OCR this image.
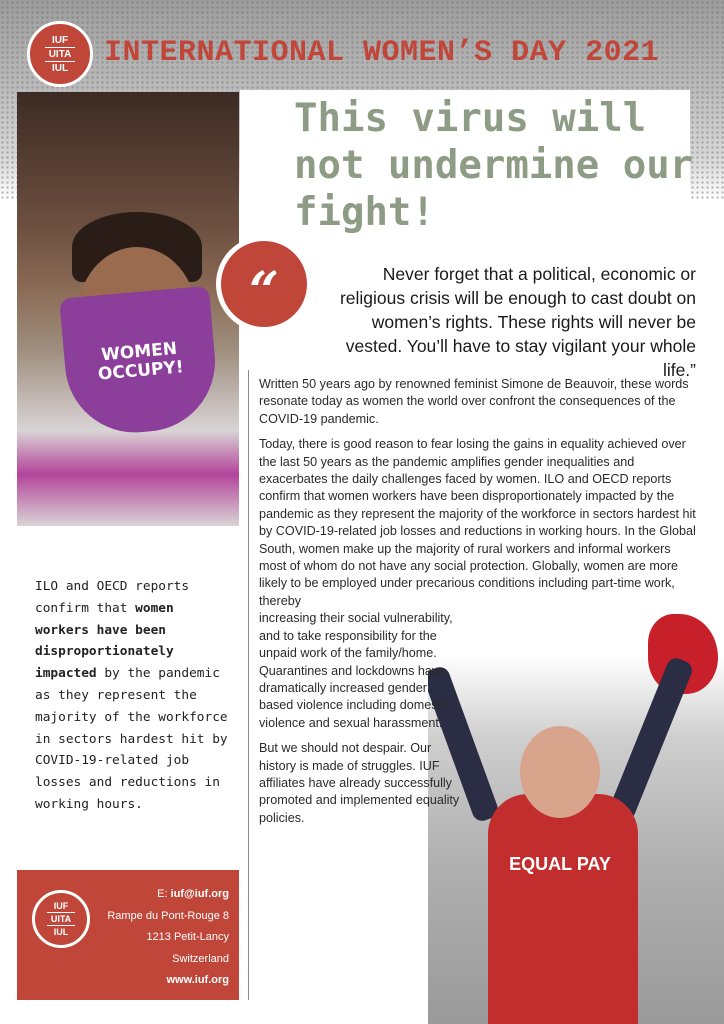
IUF
UITA
IUL INTERNATIONAL WOMEN’S DAY 2021
WOMEN OCCUPY!
This virus will not undermine our fight!
“	Never forget that a political, economic or religious crisis will be enough to cast doubt on women’s rights. These rights will never be vested. You’ll have to stay vigilant your whole life.”

Written 50 years ago by renowned feminist Simone de Beauvoir, these words resonate today as women the world over confront the consequences of the COVID-19 pandemic.

Today, there is good reason to fear losing the gains in equality achieved over the last 50 years as the pandemic amplifies gender inequalities and exacerbates the daily challenges faced by women. ILO and OECD reports confirm that women workers have been disproportionately impacted by the pandemic as they represent the majority of the workforce in sectors hardest hit by COVID-19-related job losses and reductions in working hours. In the Global South, women make up the majority of rural workers and informal workers most of whom do not have any social protection. Globally, women are more likely to be employed under precarious conditions including part-time work, thereby

increasing their social vulnerability, and to take responsibility for the unpaid work of the family/home. Quarantines and lockdowns have dramatically increased gender based violence including domestic violence and sexual harassment.

But we should not despair. Our history is made of struggles. IUF affiliates have already successfully promoted and implemented equality policies.

ILO and OECD reports confirm that women workers have been disproportionately impacted by the pandemic as they represent the majority of the workforce in sectors hardest hit by COVID-19-related job losses and reductions in working hours.
IUF
UITA
IUL
E: iuf@iuf.org
Rampe du Pont-Rouge 8
1213 Petit-Lancy
Switzerland
www.iuf.org
EQUAL PAY
